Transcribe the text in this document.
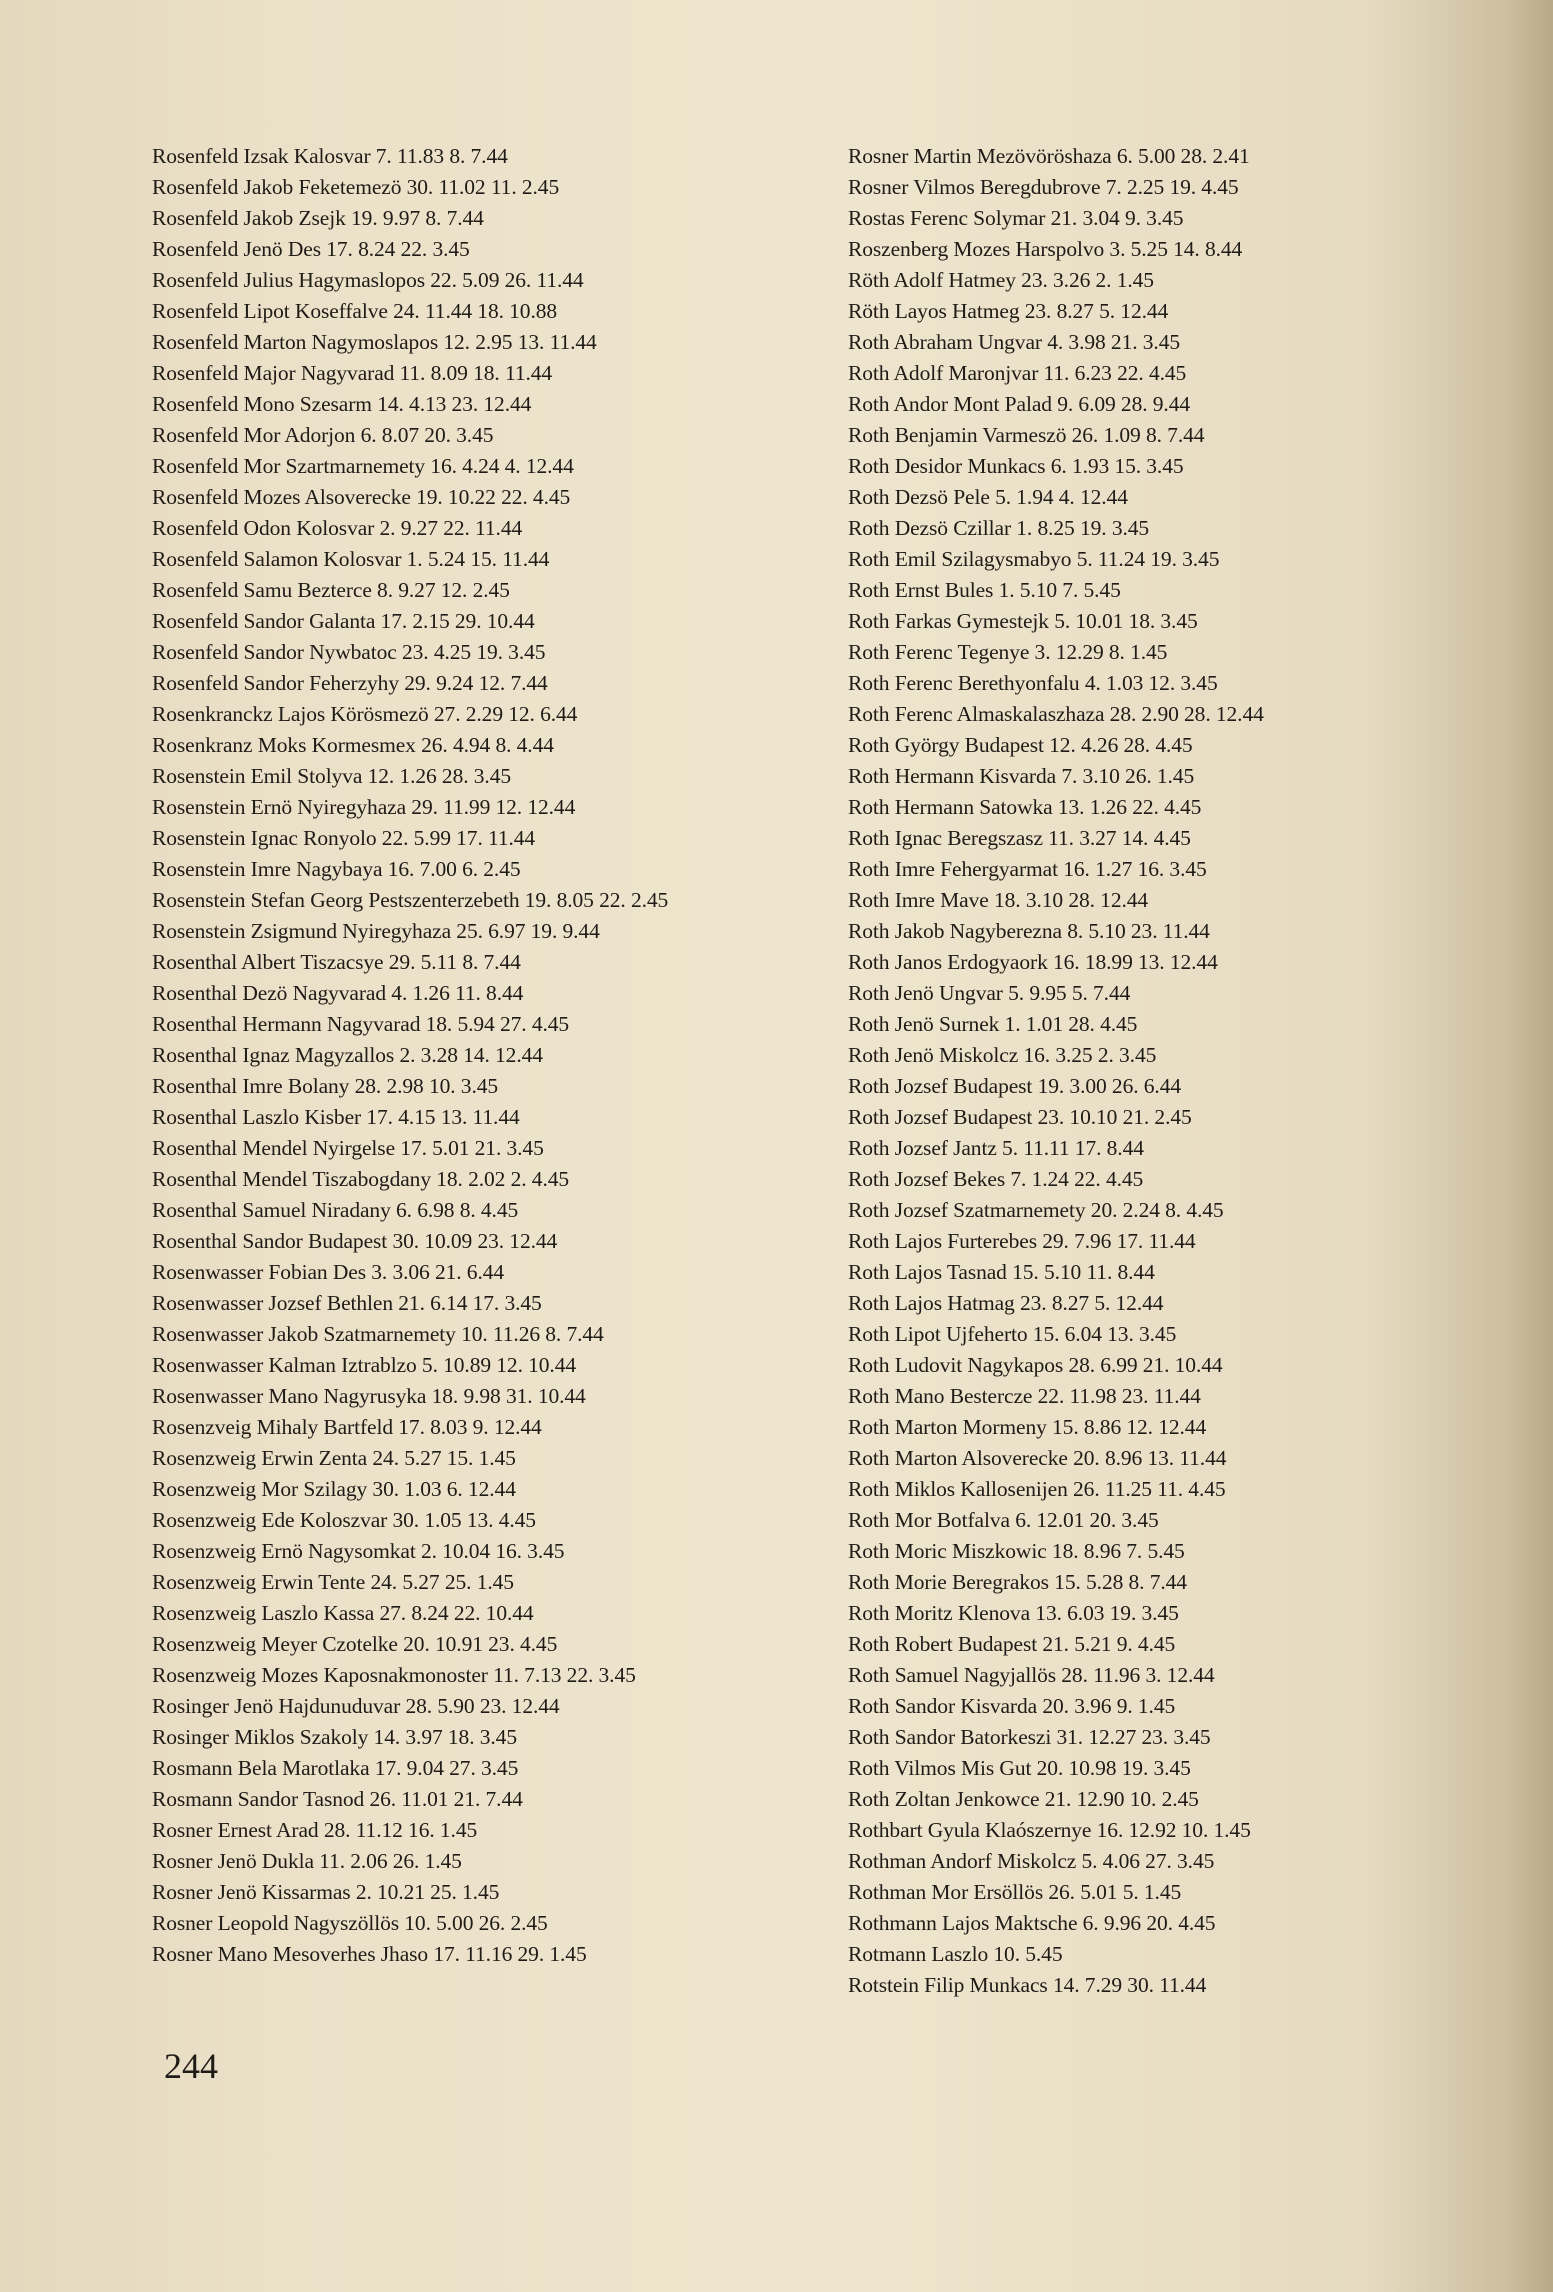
Rosenfeld Izsak Kalosvar 7. 11.83 8. 7.44
Rosenfeld Jakob Feketemezö 30. 11.02 11. 2.45
Rosenfeld Jakob Zsejk 19. 9.97 8. 7.44
Rosenfeld Jenö Des 17. 8.24 22. 3.45
Rosenfeld Julius Hagymaslopos 22. 5.09 26. 11.44
Rosenfeld Lipot Koseffalve 24. 11.44 18. 10.88
Rosenfeld Marton Nagymoslapos 12. 2.95 13. 11.44
Rosenfeld Major Nagyvarad 11. 8.09 18. 11.44
Rosenfeld Mono Szesarm 14. 4.13 23. 12.44
Rosenfeld Mor Adorjon 6. 8.07 20. 3.45
Rosenfeld Mor Szartmarnemety 16. 4.24 4. 12.44
Rosenfeld Mozes Alsoverecke 19. 10.22 22. 4.45
Rosenfeld Odon Kolosvar 2. 9.27 22. 11.44
Rosenfeld Salamon Kolosvar 1. 5.24 15. 11.44
Rosenfeld Samu Bezterce 8. 9.27 12. 2.45
Rosenfeld Sandor Galanta 17. 2.15 29. 10.44
Rosenfeld Sandor Nywbatoc 23. 4.25 19. 3.45
Rosenfeld Sandor Feherzyhy 29. 9.24 12. 7.44
Rosenkranckz Lajos Körösmezö 27. 2.29 12. 6.44
Rosenkranz Moks Kormesmex 26. 4.94 8. 4.44
Rosenstein Emil Stolyva 12. 1.26 28. 3.45
Rosenstein Ernö Nyiregyhaza 29. 11.99 12. 12.44
Rosenstein Ignac Ronyolo 22. 5.99 17. 11.44
Rosenstein Imre Nagybaya 16. 7.00 6. 2.45
Rosenstein Stefan Georg Pestszenterzebeth 19. 8.05 22. 2.45
Rosenstein Zsigmund Nyiregyhaza 25. 6.97 19. 9.44
Rosenthal Albert Tiszacsye 29. 5.11 8. 7.44
Rosenthal Dezö Nagyvarad 4. 1.26 11. 8.44
Rosenthal Hermann Nagyvarad 18. 5.94 27. 4.45
Rosenthal Ignaz Magyzallos 2. 3.28 14. 12.44
Rosenthal Imre Bolany 28. 2.98 10. 3.45
Rosenthal Laszlo Kisber 17. 4.15 13. 11.44
Rosenthal Mendel Nyirgelse 17. 5.01 21. 3.45
Rosenthal Mendel Tiszabogdany 18. 2.02 2. 4.45
Rosenthal Samuel Niradany 6. 6.98 8. 4.45
Rosenthal Sandor Budapest 30. 10.09 23. 12.44
Rosenwasser Fobian Des 3. 3.06 21. 6.44
Rosenwasser Jozsef Bethlen 21. 6.14 17. 3.45
Rosenwasser Jakob Szatmarnemety 10. 11.26 8. 7.44
Rosenwasser Kalman Iztrablzo 5. 10.89 12. 10.44
Rosenwasser Mano Nagyrusyka 18. 9.98 31. 10.44
Rosenzveig Mihaly Bartfeld 17. 8.03 9. 12.44
Rosenzweig Erwin Zenta 24. 5.27 15. 1.45
Rosenzweig Mor Szilagy 30. 1.03 6. 12.44
Rosenzweig Ede Koloszvar 30. 1.05 13. 4.45
Rosenzweig Ernö Nagysomkat 2. 10.04 16. 3.45
Rosenzweig Erwin Tente 24. 5.27 25. 1.45
Rosenzweig Laszlo Kassa 27. 8.24 22. 10.44
Rosenzweig Meyer Czotelke 20. 10.91 23. 4.45
Rosenzweig Mozes Kaposnakmonoster 11. 7.13 22. 3.45
Rosinger Jenö Hajdunuduvar 28. 5.90 23. 12.44
Rosinger Miklos Szakoly 14. 3.97 18. 3.45
Rosmann Bela Marotlaka 17. 9.04 27. 3.45
Rosmann Sandor Tasnod 26. 11.01 21. 7.44
Rosner Ernest Arad 28. 11.12 16. 1.45
Rosner Jenö Dukla 11. 2.06 26. 1.45
Rosner Jenö Kissarmas 2. 10.21 25. 1.45
Rosner Leopold Nagyszöllös 10. 5.00 26. 2.45
Rosner Mano Mesoverhes Jhaso 17. 11.16 29. 1.45
Rosner Martin Mezövöröshaza 6. 5.00 28. 2.41
Rosner Vilmos Beregdubrove 7. 2.25 19. 4.45
Rostas Ferenc Solymar 21. 3.04 9. 3.45
Roszenberg Mozes Harspolvo 3. 5.25 14. 8.44
Röth Adolf Hatmey 23. 3.26 2. 1.45
Röth Layos Hatmeg 23. 8.27 5. 12.44
Roth Abraham Ungvar 4. 3.98 21. 3.45
Roth Adolf Maronjvar 11. 6.23 22. 4.45
Roth Andor Mont Palad 9. 6.09 28. 9.44
Roth Benjamin Varmeszö 26. 1.09 8. 7.44
Roth Desidor Munkacs 6. 1.93 15. 3.45
Roth Dezsö Pele 5. 1.94 4. 12.44
Roth Dezsö Czillar 1. 8.25 19. 3.45
Roth Emil Szilagysmabyo 5. 11.24 19. 3.45
Roth Ernst Bules 1. 5.10 7. 5.45
Roth Farkas Gymestejk 5. 10.01 18. 3.45
Roth Ferenc Tegenye 3. 12.29 8. 1.45
Roth Ferenc Berethyonfalu 4. 1.03 12. 3.45
Roth Ferenc Almaskalaszhaza 28. 2.90 28. 12.44
Roth György Budapest 12. 4.26 28. 4.45
Roth Hermann Kisvarda 7. 3.10 26. 1.45
Roth Hermann Satowka 13. 1.26 22. 4.45
Roth Ignac Beregszasz 11. 3.27 14. 4.45
Roth Imre Fehergyarmat 16. 1.27 16. 3.45
Roth Imre Mave 18. 3.10 28. 12.44
Roth Jakob Nagyberezna 8. 5.10 23. 11.44
Roth Janos Erdogyaork 16. 18.99 13. 12.44
Roth Jenö Ungvar 5. 9.95 5. 7.44
Roth Jenö Surnek 1. 1.01 28. 4.45
Roth Jenö Miskolcz 16. 3.25 2. 3.45
Roth Jozsef Budapest 19. 3.00 26. 6.44
Roth Jozsef Budapest 23. 10.10 21. 2.45
Roth Jozsef Jantz 5. 11.11 17. 8.44
Roth Jozsef Bekes 7. 1.24 22. 4.45
Roth Jozsef Szatmarnemety 20. 2.24 8. 4.45
Roth Lajos Furterebes 29. 7.96 17. 11.44
Roth Lajos Tasnad 15. 5.10 11. 8.44
Roth Lajos Hatmag 23. 8.27 5. 12.44
Roth Lipot Ujfeherto 15. 6.04 13. 3.45
Roth Ludovit Nagykapos 28. 6.99 21. 10.44
Roth Mano Bestercze 22. 11.98 23. 11.44
Roth Marton Mormeny 15. 8.86 12. 12.44
Roth Marton Alsoverecke 20. 8.96 13. 11.44
Roth Miklos Kallosenijen 26. 11.25 11. 4.45
Roth Mor Botfalva 6. 12.01 20. 3.45
Roth Moric Miszkowic 18. 8.96 7. 5.45
Roth Morie Beregrakos 15. 5.28 8. 7.44
Roth Moritz Klenova 13. 6.03 19. 3.45
Roth Robert Budapest 21. 5.21 9. 4.45
Roth Samuel Nagyjallös 28. 11.96 3. 12.44
Roth Sandor Kisvarda 20. 3.96 9. 1.45
Roth Sandor Batorkeszi 31. 12.27 23. 3.45
Roth Vilmos Mis Gut 20. 10.98 19. 3.45
Roth Zoltan Jenkowce 21. 12.90 10. 2.45
Rothbart Gyula Klaószernye 16. 12.92 10. 1.45
Rothman Andorf Miskolcz 5. 4.06 27. 3.45
Rothman Mor Ersöllös 26. 5.01 5. 1.45
Rothmann Lajos Maktsche 6. 9.96 20. 4.45
Rotmann Laszlo 10. 5.45
Rotstein Filip Munkacs 14. 7.29 30. 11.44
244
